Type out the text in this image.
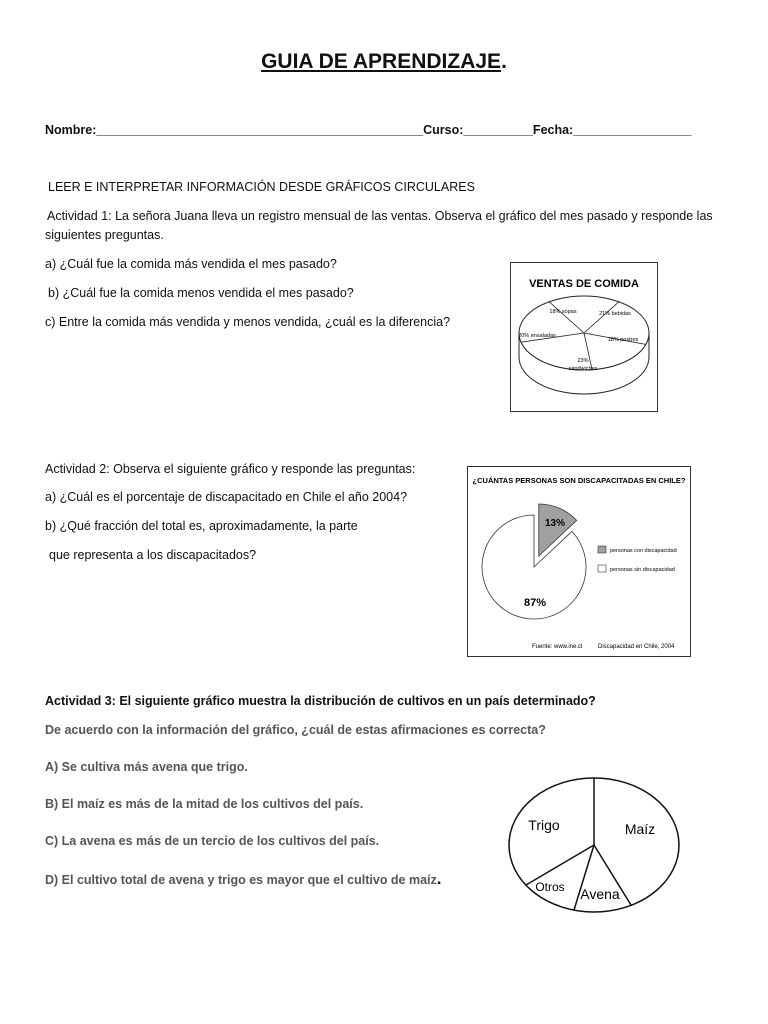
GUIA DE APRENDIZAJE.
Nombre:_______________________________________________Curso:__________Fecha:_________________
LEER E INTERPRETAR INFORMACIÓN DESDE GRÁFICOS CIRCULARES
Actividad 1: La señora Juana lleva un registro mensual de las ventas. Observa el gráfico del mes pasado y responde las
siguientes preguntas.
a) ¿Cuál fue la comida más vendida el mes pasado?
b) ¿Cuál fue la comida menos vendida el mes pasado?
c) Entre la comida más vendida y menos vendida, ¿cuál es la diferencia?
VENTAS DE COMIDA
18% sopas	21% bebidas
20% ensaladas
18% postres
23%
sándwiches
Actividad 2: Observa el siguiente gráfico y responde las preguntas:
a) ¿Cuál es el porcentaje de discapacitado en Chile el año 2004?
b) ¿Qué fracción del total es, aproximadamente, la parte
que representa a los discapacitados?
¿CUÁNTAS PERSONAS SON DISCAPACITADAS EN CHILE?
13%
87%
personas con discapacidad
personas sin discapacidad
Fuente: www.ine.cl	Discapacidad en Chile, 2004
Actividad 3: El siguiente gráfico muestra la distribución de cultivos en un país determinado?
De acuerdo con la información del gráfico, ¿cuál de estas afirmaciones es correcta?
A) Se cultiva más avena que trigo.
B) El maíz es más de la mitad de los cultivos del país.
C) La avena es más de un tercio de los cultivos del país.
D) El cultivo total de avena y trigo es mayor que el cultivo de maíz.
Trigo	Maíz
Otros Avena
